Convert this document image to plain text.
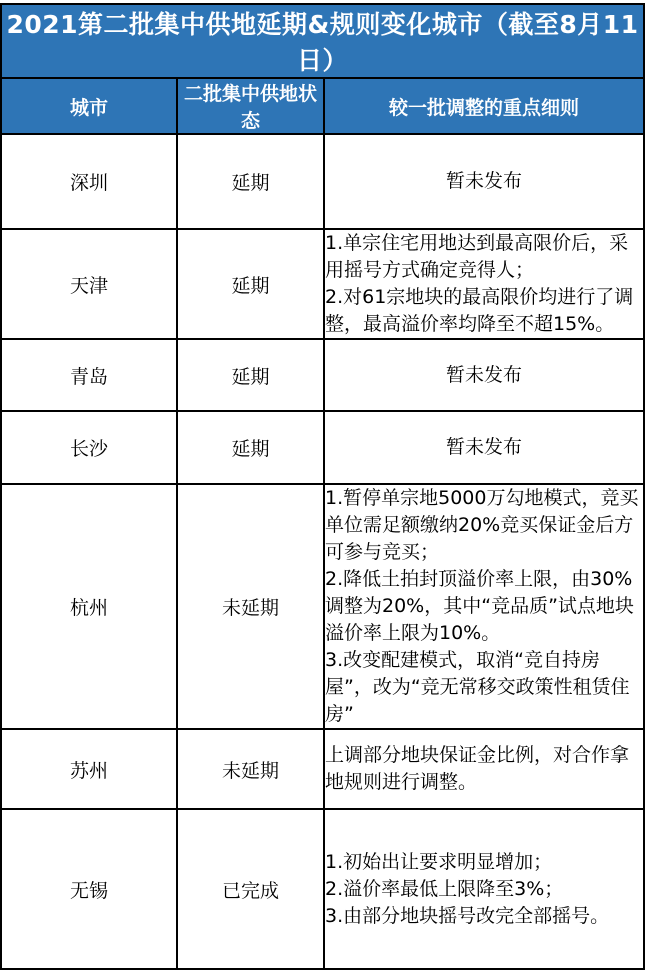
2021第二批集中供地延期&规则变化城市（截至8月11日）		
城市	二批集中供地状态	较一批调整的重点细则
深圳	延期	暂未发布

天津	延期	1.单宗住宅用地达到最高限价后，采用摇号方式确定竞得人；
2.对61宗地块的最高限价均进行了调整，最高溢价率均降至不超15%。

青岛	延期	暂未发布

长沙	延期	暂未发布

杭州	未延期	1.暂停单宗地5000万勾地模式，竞买单位需足额缴纳20%竞买保证金后方可参与竞买；
2.降低土拍封顶溢价率上限，由30%调整为20%，其中“竞品质”试点地块溢价率上限为10%。
3.改变配建模式，取消“竞自持房屋”，改为“竞无常移交政策性租赁住房”

苏州	未延期	上调部分地块保证金比例，对合作拿地规则进行调整。

无锡	已完成	1.初始出让要求明显增加；
2.溢价率最低上限降至3%；
3.由部分地块摇号改完全部摇号。
